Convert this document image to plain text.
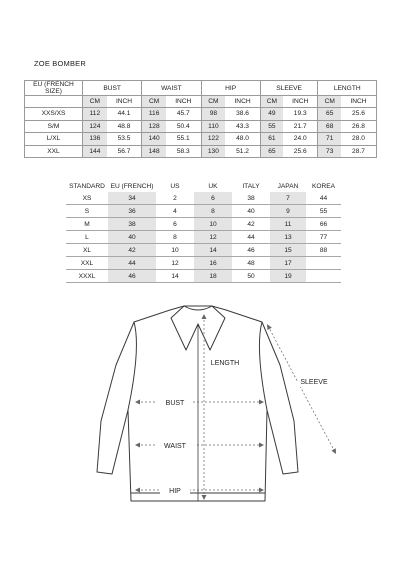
ZOE BOMBER
EU (FRENCH SIZE)	BUST		WAIST		HIP		SLEEVE		LENGTH	
	CM	INCH	CM	INCH	CM	INCH	CM	INCH	CM	INCH
XXS/XS	112	44.1	116	45.7	98	38.6	49	19.3	65	25.6
S/M	124	48.8	128	50.4	110	43.3	55	21.7	68	26.8
L/XL	136	53.5	140	55.1	122	48.0	61	24.0	71	28.0
XXL	144	56.7	148	58.3	130	51.2	65	25.6	73	28.7
STANDARD	EU (FRENCH)	US	UK	ITALY	JAPAN	KOREA
XS	34	2	6	38	7	44
S	36	4	8	40	9	55
M	38	6	10	42	11	66
L	40	8	12	44	13	77
XL	42	10	14	46	15	88
XXL	44	12	16	48	17	
XXXL	46	14	18	50	19	
LENGTH
SLEEVE
BUST
WAIST
HIP
